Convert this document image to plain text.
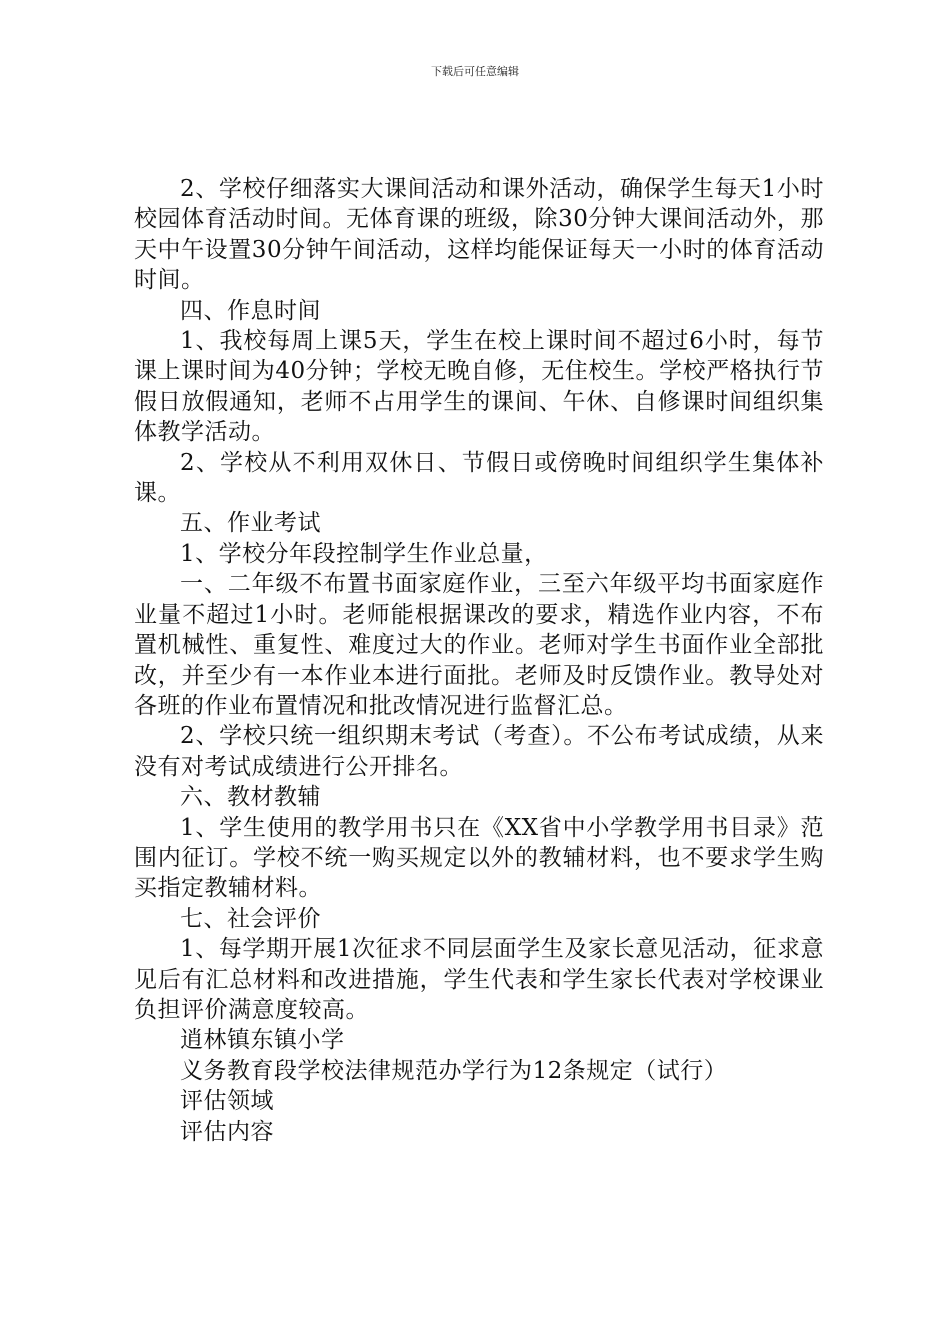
下载后可任意编辑

2、学校仔细落实大课间活动和课外活动，确保学生每天1小时校园体育活动时间。无体育课的班级，除30分钟大课间活动外，那天中午设置30分钟午间活动，这样均能保证每天一小时的体育活动时间。

四、作息时间

1、我校每周上课5天，学生在校上课时间不超过6小时，每节课上课时间为40分钟；学校无晚自修，无住校生。学校严格执行节假日放假通知，老师不占用学生的课间、午休、自修课时间组织集体教学活动。

2、学校从不利用双休日、节假日或傍晚时间组织学生集体补课。

五、作业考试

1、学校分年段控制学生作业总量，

一、二年级不布置书面家庭作业，三至六年级平均书面家庭作业量不超过1小时。老师能根据课改的要求，精选作业内容，不布置机械性、重复性、难度过大的作业。老师对学生书面作业全部批改，并至少有一本作业本进行面批。老师及时反馈作业。教导处对各班的作业布置情况和批改情况进行监督汇总。

2、学校只统一组织期末考试（考查）。不公布考试成绩，从来没有对考试成绩进行公开排名。

六、教材教辅

1、学生使用的教学用书只在《XX省中小学教学用书目录》范围内征订。学校不统一购买规定以外的教辅材料，也不要求学生购买指定教辅材料。

七、社会评价

1、每学期开展1次征求不同层面学生及家长意见活动，征求意见后有汇总材料和改进措施，学生代表和学生家长代表对学校课业负担评价满意度较高。

逍林镇东镇小学

义务教育段学校法律规范办学行为12条规定（试行）

评估领域

评估内容
